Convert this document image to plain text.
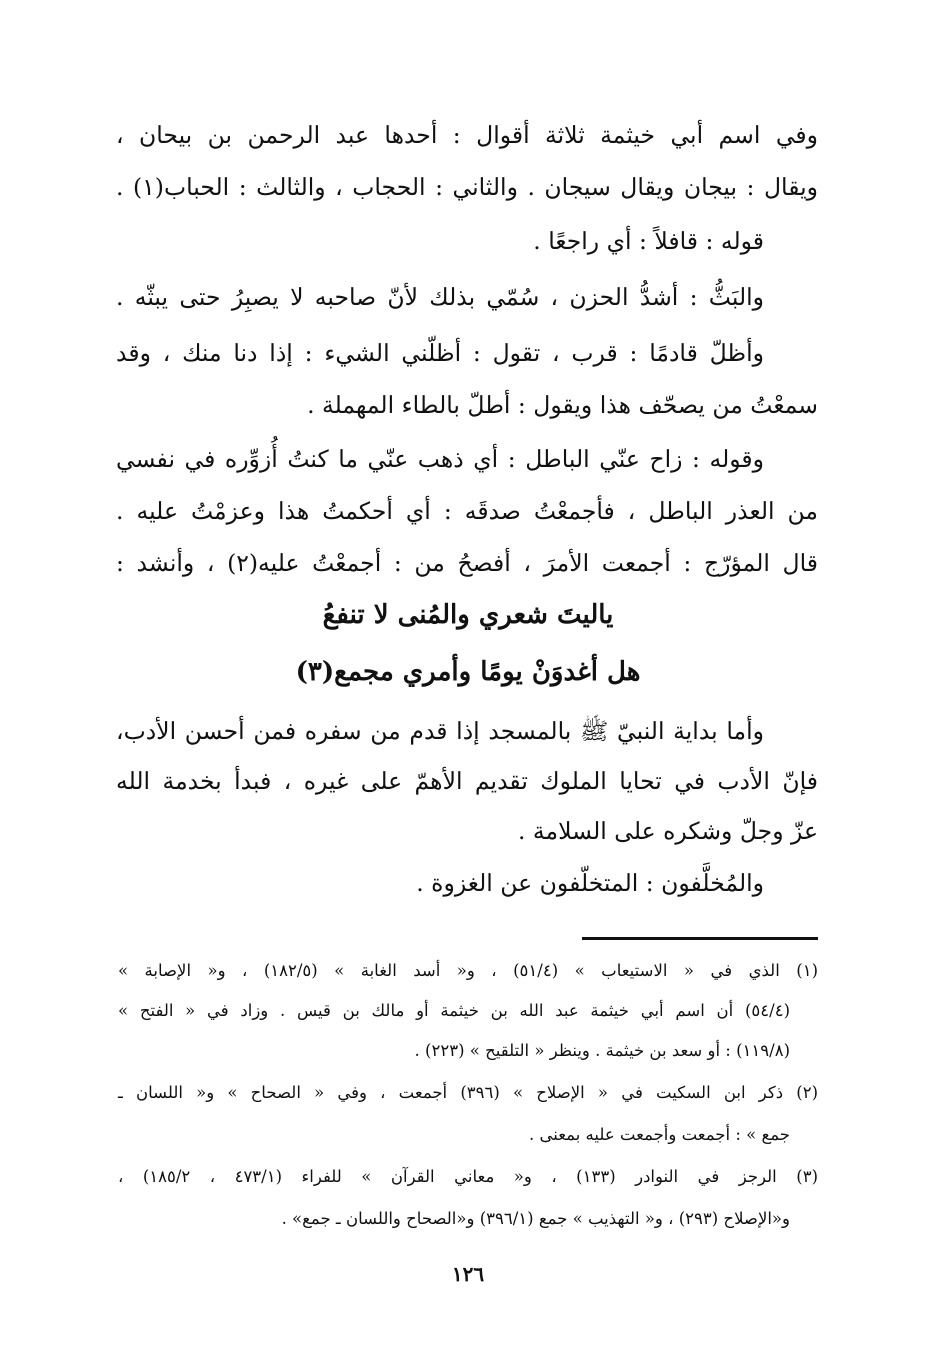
وفي اسم أبي خيثمة ثلاثة أقوال : أحدها عبد الرحمن بن بيحان ،
ويقال : بيجان ويقال سيجان . والثاني : الحجاب ، والثالث : الحباب(١) .
قوله : قافلاً : أي راجعًا .
والبَثُّ : أشدُّ الحزن ، سُمّي بذلك لأنّ صاحبه لا يصبِرُ حتى يبثّه .
وأظلّ قادمًا : قرب ، تقول : أظلّني الشيء : إذا دنا منك ، وقد
سمعْتُ من يصحّف هذا ويقول : أطلّ بالطاء المهملة .
وقوله : زاح عنّي الباطل : أي ذهب عنّي ما كنتُ أُزوِّره في نفسي
من العذر الباطل ، فأجمعْتُ صدقَه : أي أحكمتُ هذا وعزمْتُ عليه .
قال المؤرّج : أجمعت الأمرَ ، أفصحُ من : أجمعْتُ عليه(٢) ، وأنشد :
ياليتَ شعري والمُنى لا تنفعُ
هل أغدوَنْ يومًا وأمري مجمع(٣)
وأما بداية النبيّ ﷺ بالمسجد إذا قدم من سفره فمن أحسن الأدب،
فإنّ الأدب في تحايا الملوك تقديم الأهمّ على غيره ، فبدأ بخدمة الله
عزّ وجلّ وشكره على السلامة .
والمُخلَّفون : المتخلّفون عن الغزوة .
(١) الذي في « الاستيعاب » (٥١/٤) ، و« أسد الغابة » (١٨٢/٥) ، و« الإصابة »
(٥٤/٤) أن اسم أبي خيثمة عبد الله بن خيثمة أو مالك بن قيس . وزاد في « الفتح »
(١١٩/٨) : أو سعد بن خيثمة . وينظر « التلقيح » (٢٢٣) .
(٢) ذكر ابن السكيت في « الإصلاح » (٣٩٦) أجمعت ، وفي « الصحاح » و« اللسان ـ
جمع » : أجمعت وأجمعت عليه بمعنى .
(٣) الرجز في النوادر (١٣٣) ، و« معاني القرآن » للفراء (٤٧٣/١ ، ١٨٥/٢) ،
و«الإصلاح (٢٩٣) ، و« التهذيب » جمع (٣٩٦/١) و«الصحاح واللسان ـ جمع» .
١٢٦
